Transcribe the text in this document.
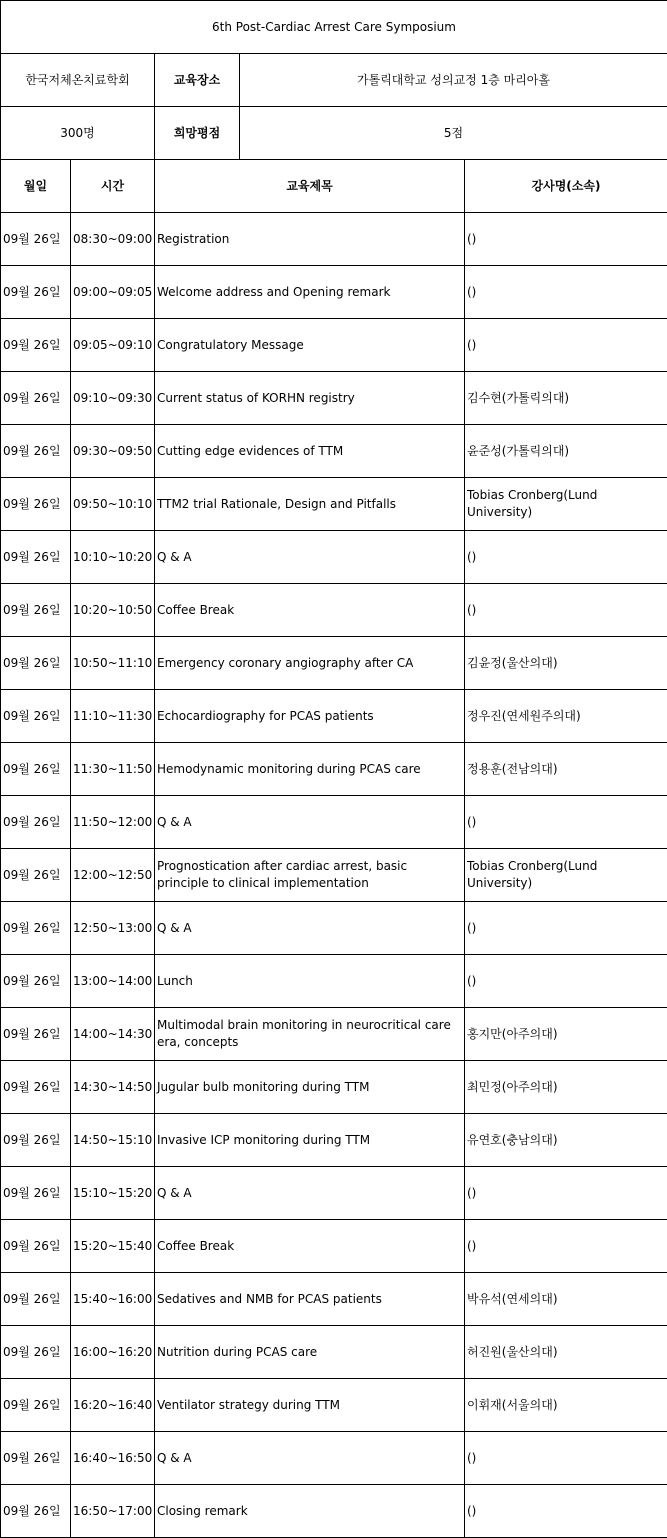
6th Post-Cardiac Arrest Care Symposium				
한국저체온치료학회		교육장소	가톨릭대학교 성의교정 1층 마리아홀	
300명		희망평점	5점	
월일	시간	교육제목		강사명(소속)
09월 26일	08:30~09:00	Registration		()
09월 26일	09:00~09:05	Welcome address and Opening remark		()
09월 26일	09:05~09:10	Congratulatory Message		()
09월 26일	09:10~09:30	Current status of KORHN registry		김수현(가톨릭의대)
09월 26일	09:30~09:50	Cutting edge evidences of TTM		윤준성(가톨릭의대)
09월 26일	09:50~10:10	TTM2 trial Rationale, Design and Pitfalls		Tobias Cronberg(Lund University)
09월 26일	10:10~10:20	Q & A		()
09월 26일	10:20~10:50	Coffee Break		()
09월 26일	10:50~11:10	Emergency coronary angiography after CA		김윤정(울산의대)
09월 26일	11:10~11:30	Echocardiography for PCAS patients		정우진(연세원주의대)
09월 26일	11:30~11:50	Hemodynamic monitoring during PCAS care		정용훈(전남의대)
09월 26일	11:50~12:00	Q & A		()
09월 26일	12:00~12:50	Prognostication after cardiac arrest, basic principle to clinical implementation		Tobias Cronberg(Lund University)
09월 26일	12:50~13:00	Q & A		()
09월 26일	13:00~14:00	Lunch		()
09월 26일	14:00~14:30	Multimodal brain monitoring in neurocritical care era, concepts		홍지만(아주의대)
09월 26일	14:30~14:50	Jugular bulb monitoring during TTM		최민정(아주의대)
09월 26일	14:50~15:10	Invasive ICP monitoring during TTM		유연호(충남의대)
09월 26일	15:10~15:20	Q & A		()
09월 26일	15:20~15:40	Coffee Break		()
09월 26일	15:40~16:00	Sedatives and NMB for PCAS patients		박유석(연세의대)
09월 26일	16:00~16:20	Nutrition during PCAS care		허진원(울산의대)
09월 26일	16:20~16:40	Ventilator strategy during TTM		이휘재(서울의대)
09월 26일	16:40~16:50	Q & A		()
09월 26일	16:50~17:00	Closing remark		()
